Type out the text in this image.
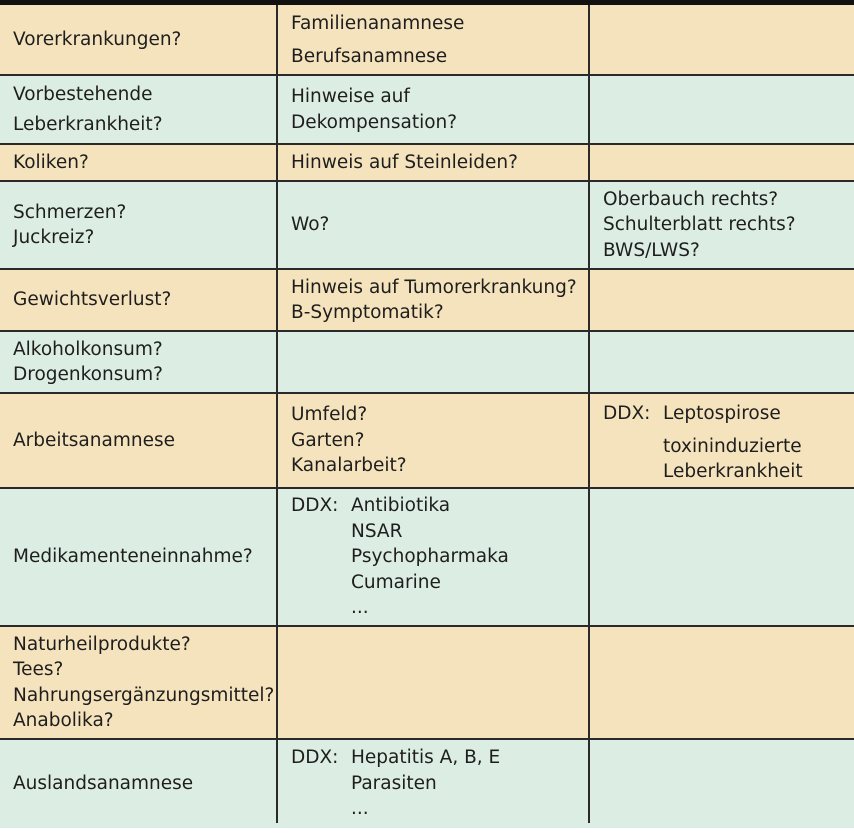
Vorerkrankungen?
Familienanamnese
Berufsanamnese
Vorbestehende
Leberkrankheit?
Hinweise auf
Dekompensation?
Koliken?	Hinweis auf Steinleiden?
Schmerzen?
Juckreiz?
Wo?
Oberbauch rechts?
Schulterblatt rechts?
BWS/LWS?
Gewichtsverlust?
Hinweis auf Tumorerkrankung?
B-Symptomatik?
Alkoholkonsum?
Drogenkonsum?
Arbeitsanamnese
Umfeld?
Garten?
Kanalarbeit?
DDX: Leptospirose
toxininduzierte
Leberkrankheit
Medikamenteneinnahme?
DDX: Antibiotika
NSAR
Psychopharmaka
Cumarine
...
Naturheilprodukte?
Tees?
Nahrungsergänzungsmittel?
Anabolika?
Auslandsanamnese
DDX: Hepatitis A, B, E
Parasiten
...
